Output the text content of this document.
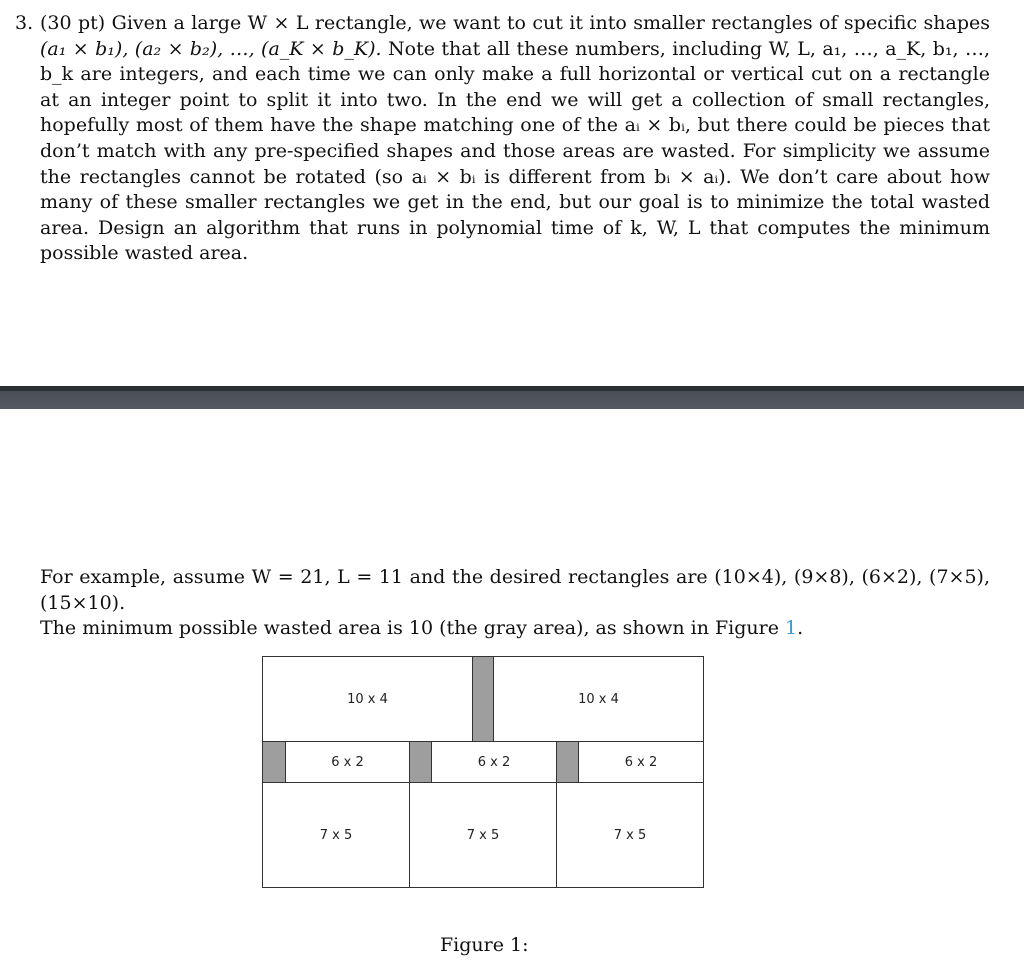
3. (30 pt) Given a large W × L rectangle, we want to cut it into smaller rectangles of specific shapes (a₁ × b₁), (a₂ × b₂), …, (a_K × b_K). Note that all these numbers, including W, L, a₁, …, a_K, b₁, …, b_k are integers, and each time we can only make a full horizontal or vertical cut on a rectangle at an integer point to split it into two. In the end we will get a collection of small rectangles, hopefully most of them have the shape matching one of the aᵢ × bᵢ, but there could be pieces that don’t match with any pre-specified shapes and those areas are wasted. For simplicity we assume the rectangles cannot be rotated (so aᵢ × bᵢ is different from bᵢ × aᵢ). We don’t care about how many of these smaller rectangles we get in the end, but our goal is to minimize the total wasted area. Design an algorithm that runs in polynomial time of k, W, L that computes the minimum possible wasted area.
For example, assume W = 21, L = 11 and the desired rectangles are (10×4), (9×8), (6×2), (7×5), (15×10).
The minimum possible wasted area is 10 (the gray area), as shown in Figure 1.
10 x 4	10 x 4
6 x 2	6 x 2	6 x 2
7 x 5	7 x 5	7 x 5
Figure 1:
